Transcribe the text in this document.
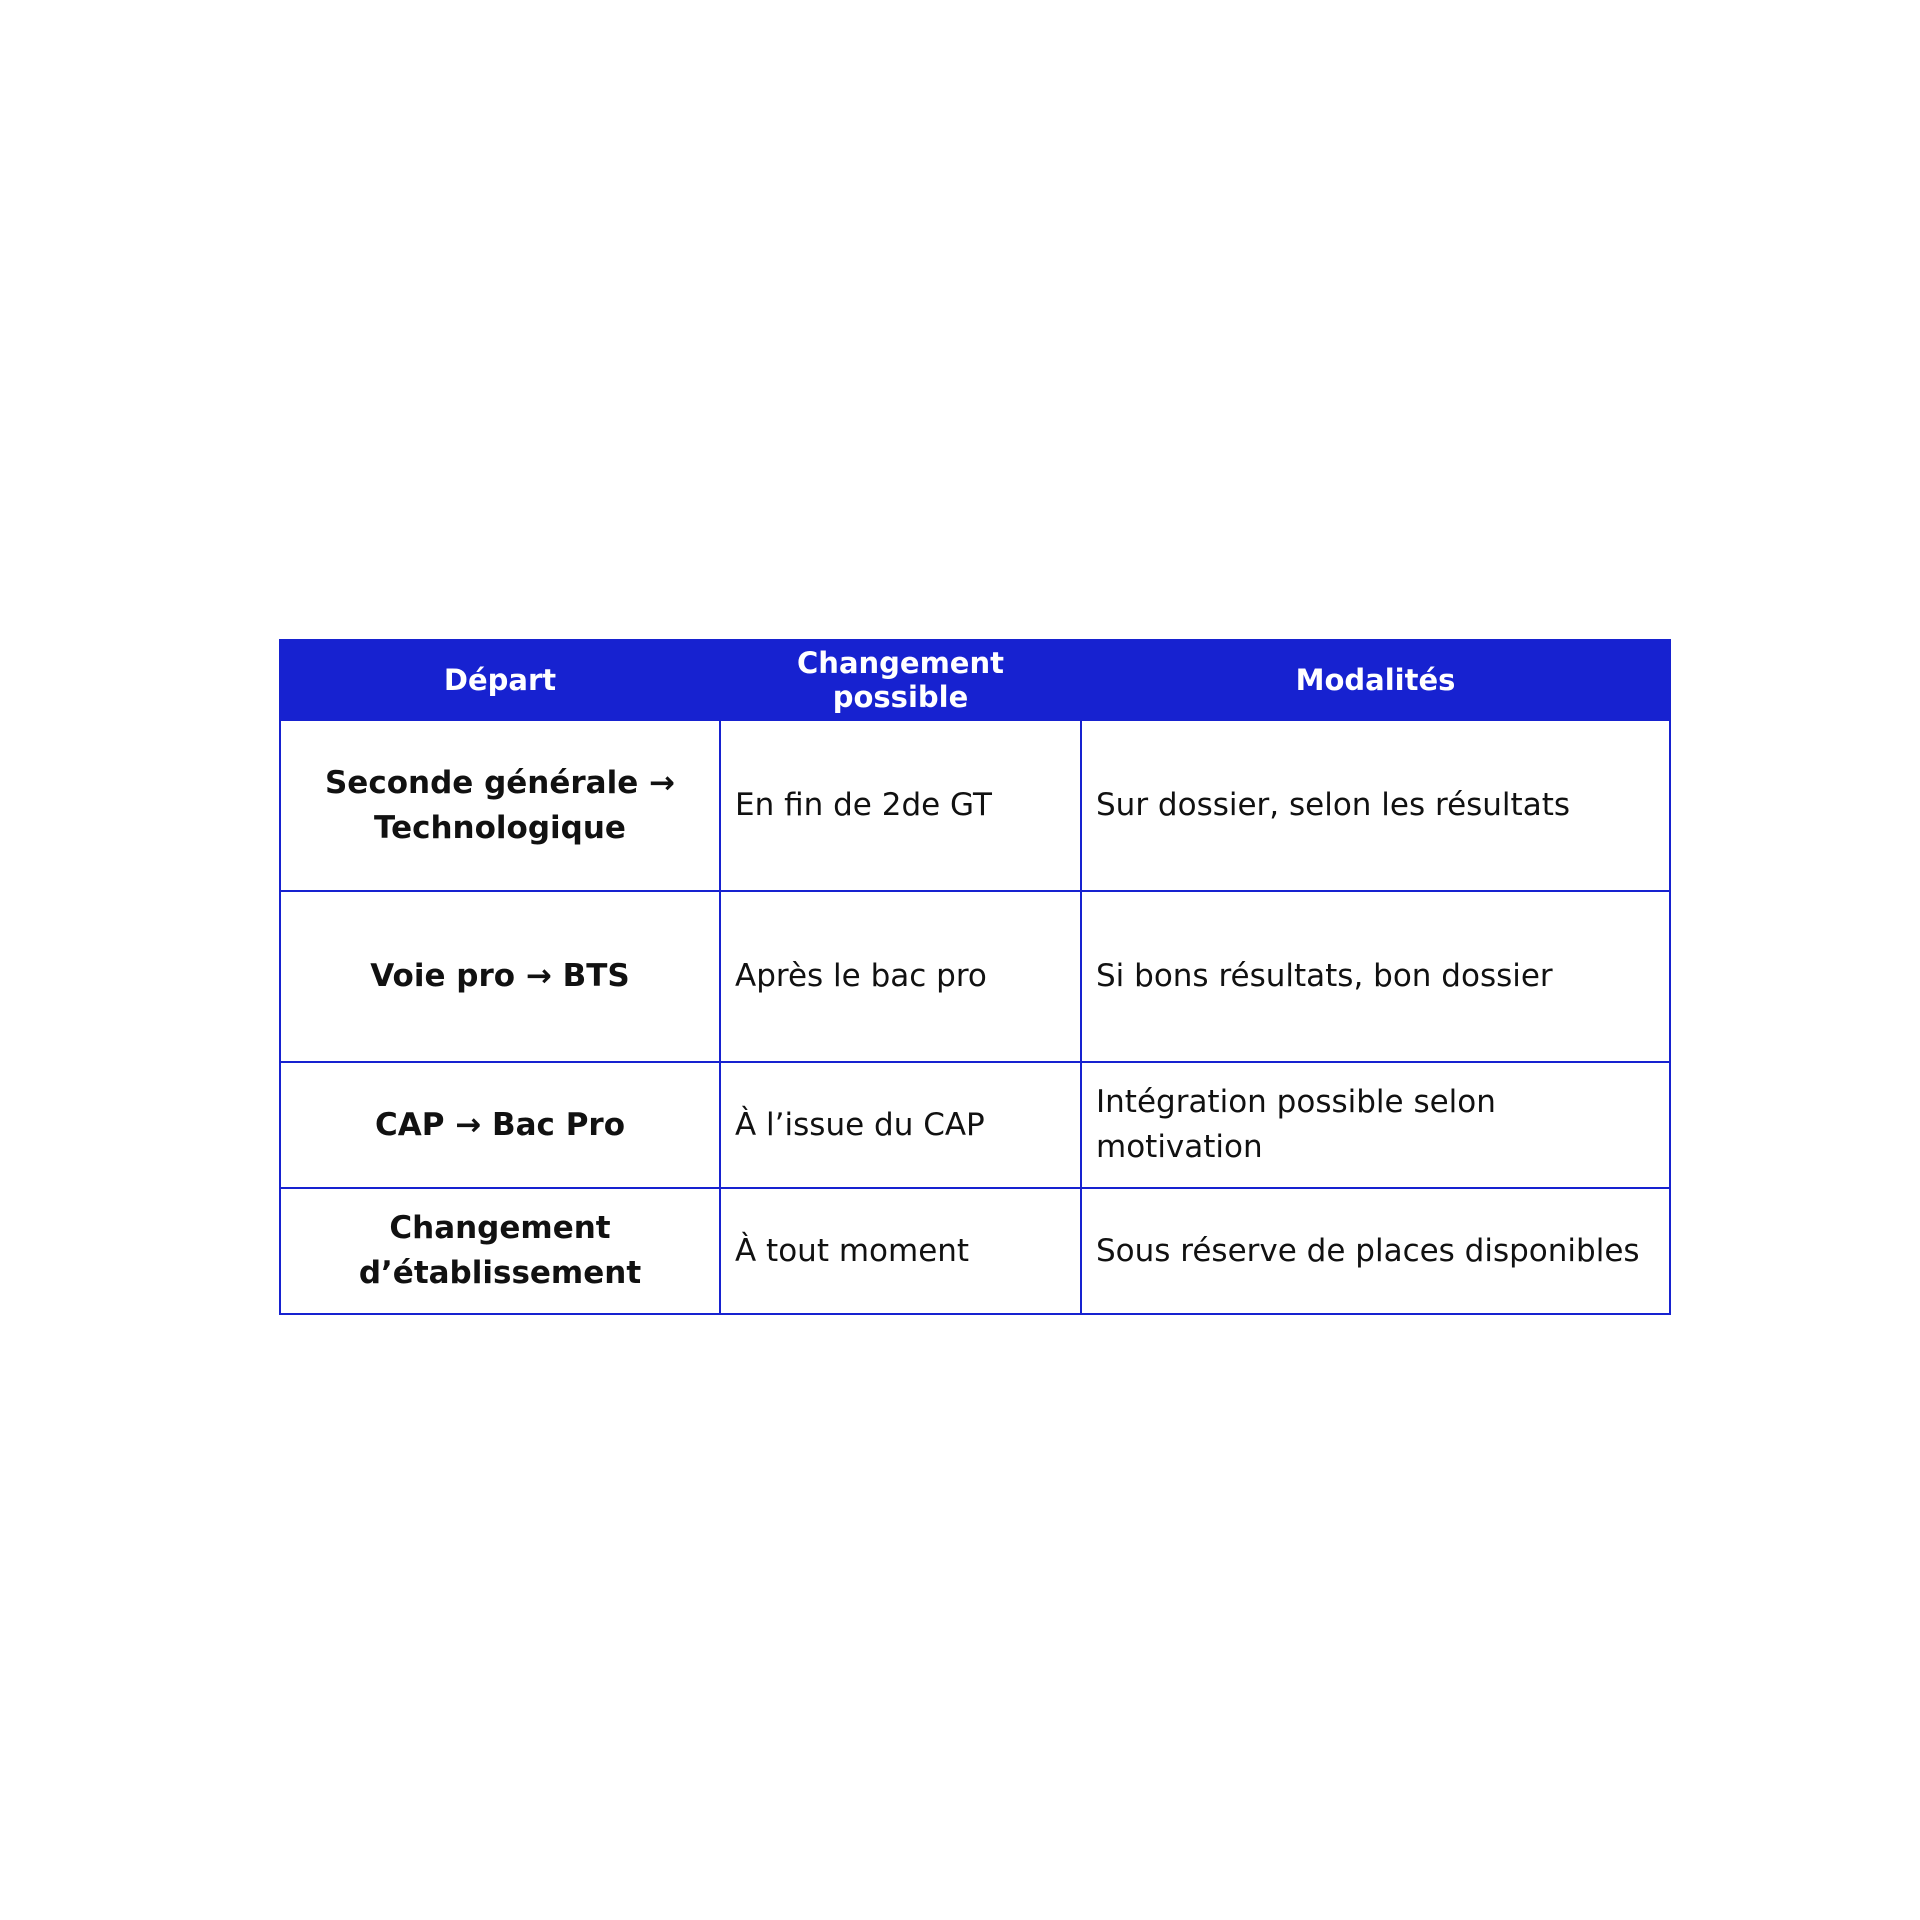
Départ	Changement possible	Modalités
Seconde générale → Technologique	En fin de 2de GT	Sur dossier, selon les résultats
Voie pro → BTS	Après le bac pro	Si bons résultats, bon dossier
CAP → Bac Pro	À l’issue du CAP	Intégration possible selon motivation
Changement d’établissement	À tout moment	Sous réserve de places disponibles
